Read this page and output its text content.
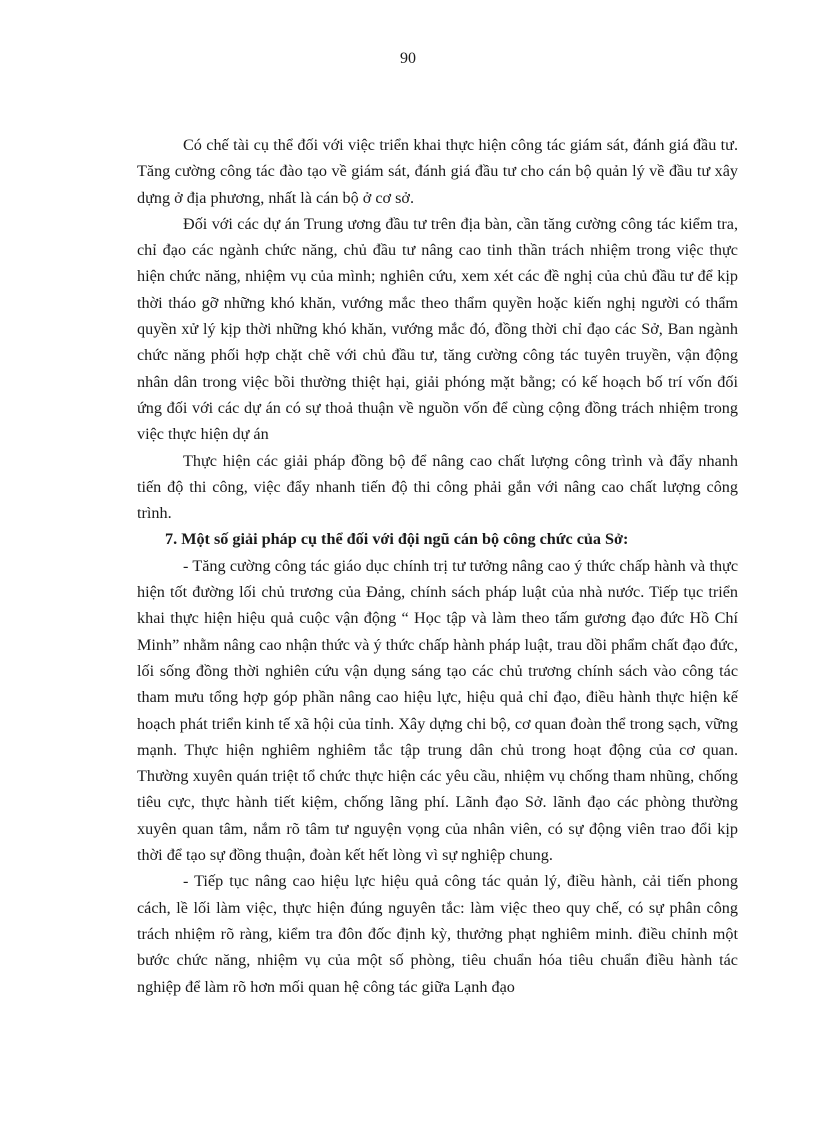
90

Có chế tài cụ thể đối với việc triển khai thực hiện công tác giám sát, đánh giá đầu tư. Tăng cường công tác đào tạo về giám sát, đánh giá đầu tư cho cán bộ quản lý về đầu tư xây dựng ở địa phương, nhất là cán bộ ở cơ sở.

Đối với các dự án Trung ương đầu tư trên địa bàn, cần tăng cường công tác kiểm tra, chỉ đạo các ngành chức năng, chủ đầu tư nâng cao tinh thần trách nhiệm trong việc thực hiện chức năng, nhiệm vụ của mình; nghiên cứu, xem xét các đề nghị của chủ đầu tư để kịp thời tháo gỡ những khó khăn, vướng mắc theo thẩm quyền hoặc kiến nghị người có thẩm quyền xử lý kịp thời những khó khăn, vướng mắc đó, đồng thời chỉ đạo các Sở, Ban ngành chức năng phối hợp chặt chẽ với chủ đầu tư, tăng cường công tác tuyên truyền, vận động nhân dân trong việc bồi thường thiệt hại, giải phóng mặt bằng; có kế hoạch bố trí vốn đối ứng đối với các dự án có sự thoả thuận về nguồn vốn để cùng cộng đồng trách nhiệm trong việc thực hiện dự án

Thực hiện các giải pháp đồng bộ để nâng cao chất lượng công trình và đẩy nhanh tiến độ thi công, việc đẩy nhanh tiến độ thi công phải gắn với nâng cao chất lượng công trình.

7. Một số giải pháp cụ thể đối với đội ngũ cán bộ công chức của Sở:

- Tăng cường công tác giáo dục chính trị tư tưởng nâng cao ý thức chấp hành và thực hiện tốt đường lối chủ trương của Đảng, chính sách pháp luật của nhà nước. Tiếp tục triển khai thực hiện hiệu quả cuộc vận động “ Học tập và làm theo tấm gương đạo đức Hồ Chí Minh” nhằm nâng cao nhận thức và ý thức chấp hành pháp luật, trau dồi phẩm chất đạo đức, lối sống đồng thời nghiên cứu vận dụng sáng tạo các chủ trương chính sách vào công tác tham mưu tổng hợp góp phần nâng cao hiệu lực, hiệu quả chỉ đạo, điều hành thực hiện kế hoạch phát triển kinh tế xã hội của tỉnh. Xây dựng chi bộ, cơ quan đoàn thể trong sạch, vững mạnh. Thực hiện nghiêm nghiêm tắc tập trung dân chủ trong hoạt động của cơ quan. Thường xuyên quán triệt tổ chức thực hiện các yêu cầu, nhiệm vụ chống tham nhũng, chống tiêu cực, thực hành tiết kiệm, chống lãng phí. Lãnh đạo Sở. lãnh đạo các phòng thường xuyên quan tâm, nắm rõ tâm tư nguyện vọng của nhân viên, có sự động viên trao đổi kịp thời để tạo sự đồng thuận, đoàn kết hết lòng vì sự nghiệp chung.

- Tiếp tục nâng cao hiệu lực hiệu quả công tác quản lý, điều hành, cải tiến phong cách, lề lối làm việc, thực hiện đúng nguyên tắc: làm việc theo quy chế, có sự phân công trách nhiệm rõ ràng, kiểm tra đôn đốc định kỳ, thưởng phạt nghiêm minh. điều chỉnh một bước chức năng, nhiệm vụ của một số phòng, tiêu chuẩn hóa tiêu chuẩn điều hành tác nghiệp để làm rõ hơn mối quan hệ công tác giữa Lạnh đạo
